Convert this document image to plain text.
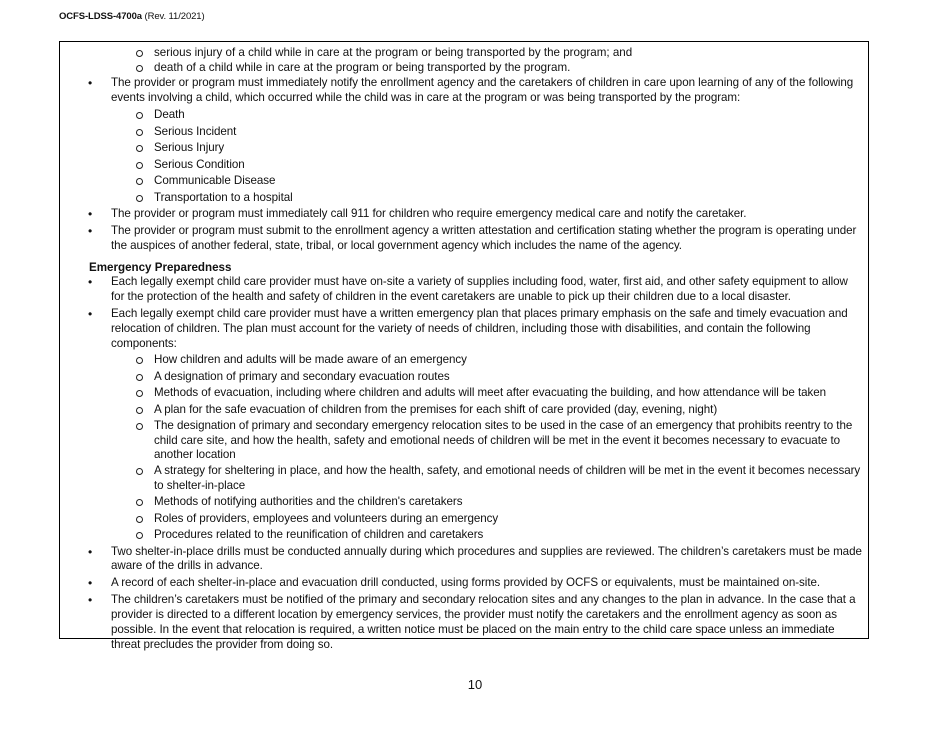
OCFS-LDSS-4700a (Rev. 11/2021)
serious injury of a child while in care at the program or being transported by the program; and
death of a child while in care at the program or being transported by the program.
• The provider or program must immediately notify the enrollment agency and the caretakers of children in care upon learning of any of the following events involving a child, which occurred while the child was in care at the program or was being transported by the program:
Death
Serious Incident
Serious Injury
Serious Condition
Communicable Disease
Transportation to a hospital
• The provider or program must immediately call 911 for children who require emergency medical care and notify the caretaker.
• The provider or program must submit to the enrollment agency a written attestation and certification stating whether the program is operating under the auspices of another federal, state, tribal, or local government agency which includes the name of the agency.
Emergency Preparedness
• Each legally exempt child care provider must have on-site a variety of supplies including food, water, first aid, and other safety equipment to allow for the protection of the health and safety of children in the event caretakers are unable to pick up their children due to a local disaster.
• Each legally exempt child care provider must have a written emergency plan that places primary emphasis on the safe and timely evacuation and relocation of children. The plan must account for the variety of needs of children, including those with disabilities, and contain the following components:
How children and adults will be made aware of an emergency
A designation of primary and secondary evacuation routes
Methods of evacuation, including where children and adults will meet after evacuating the building, and how attendance will be taken
A plan for the safe evacuation of children from the premises for each shift of care provided (day, evening, night)
The designation of primary and secondary emergency relocation sites to be used in the case of an emergency that prohibits reentry to the child care site, and how the health, safety and emotional needs of children will be met in the event it becomes necessary to evacuate to another location
A strategy for sheltering in place, and how the health, safety, and emotional needs of children will be met in the event it becomes necessary to shelter-in-place
Methods of notifying authorities and the children's caretakers
Roles of providers, employees and volunteers during an emergency
Procedures related to the reunification of children and caretakers
• Two shelter-in-place drills must be conducted annually during which procedures and supplies are reviewed. The children’s caretakers must be made aware of the drills in advance.
• A record of each shelter-in-place and evacuation drill conducted, using forms provided by OCFS or equivalents, must be maintained on-site.
• The children’s caretakers must be notified of the primary and secondary relocation sites and any changes to the plan in advance. In the case that a provider is directed to a different location by emergency services, the provider must notify the caretakers and the enrollment agency as soon as possible. In the event that relocation is required, a written notice must be placed on the main entry to the child care space unless an immediate threat precludes the provider from doing so.
10
